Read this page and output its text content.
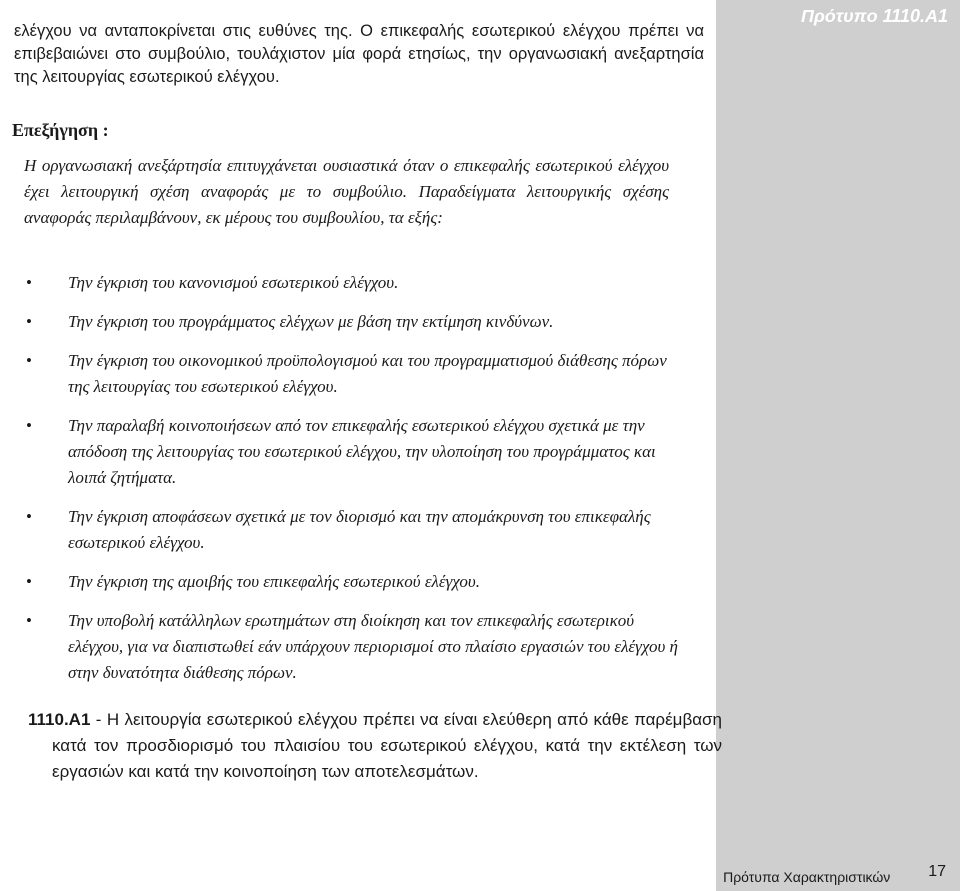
Πρότυπο 1110.Α1

ελέγχου να ανταποκρίνεται στις ευθύνες της. Ο επικεφαλής εσωτερικού ελέγχου πρέπει να επιβεβαιώνει στο συμβούλιο, τουλάχιστον μία φορά ετησίως, την οργανωσιακή ανεξαρτησία της λειτουργίας εσωτερικού ελέγχου.

Επεξήγηση :

Η οργανωσιακή ανεξάρτησία επιτυγχάνεται ουσιαστικά όταν ο επικεφαλής εσωτερικού ελέγχου έχει λειτουργική σχέση αναφοράς με το συμβούλιο. Παραδείγματα λειτουργικής σχέσης αναφοράς περιλαμβάνουν, εκ μέρους του συμβουλίου, τα εξής:

• Την έγκριση του κανονισμού εσωτερικού ελέγχου.
• Την έγκριση του προγράμματος ελέγχων με βάση την εκτίμηση κινδύνων.
• Την έγκριση του οικονομικού προϋπολογισμού και του προγραμματισμού διάθεσης πόρων της λειτουργίας του εσωτερικού ελέγχου.
• Την παραλαβή κοινοποιήσεων από τον επικεφαλής εσωτερικού ελέγχου σχετικά με την απόδοση της λειτουργίας του εσωτερικού ελέγχου, την υλοποίηση του προγράμματος και λοιπά ζητήματα.
• Την έγκριση αποφάσεων σχετικά με τον διορισμό και την απομάκρυνση του επικεφαλής εσωτερικού ελέγχου.
• Την έγκριση της αμοιβής του επικεφαλής εσωτερικού ελέγχου.
• Την υποβολή κατάλληλων ερωτημάτων στη διοίκηση και τον επικεφαλής εσωτερικού ελέγχου, για να διαπιστωθεί εάν υπάρχουν περιορισμοί στο πλαίσιο εργασιών του ελέγχου ή στην δυνατότητα διάθεσης πόρων.

1110.Α1 - Η λειτουργία εσωτερικού ελέγχου πρέπει να είναι ελεύθερη από κάθε παρέμβαση κατά τον προσδιορισμό του πλαισίου του εσωτερικού ελέγχου, κατά την εκτέλεση των εργασιών και κατά την κοινοποίηση των αποτελεσμάτων.

Πρότυπα Χαρακτηριστικών 17
